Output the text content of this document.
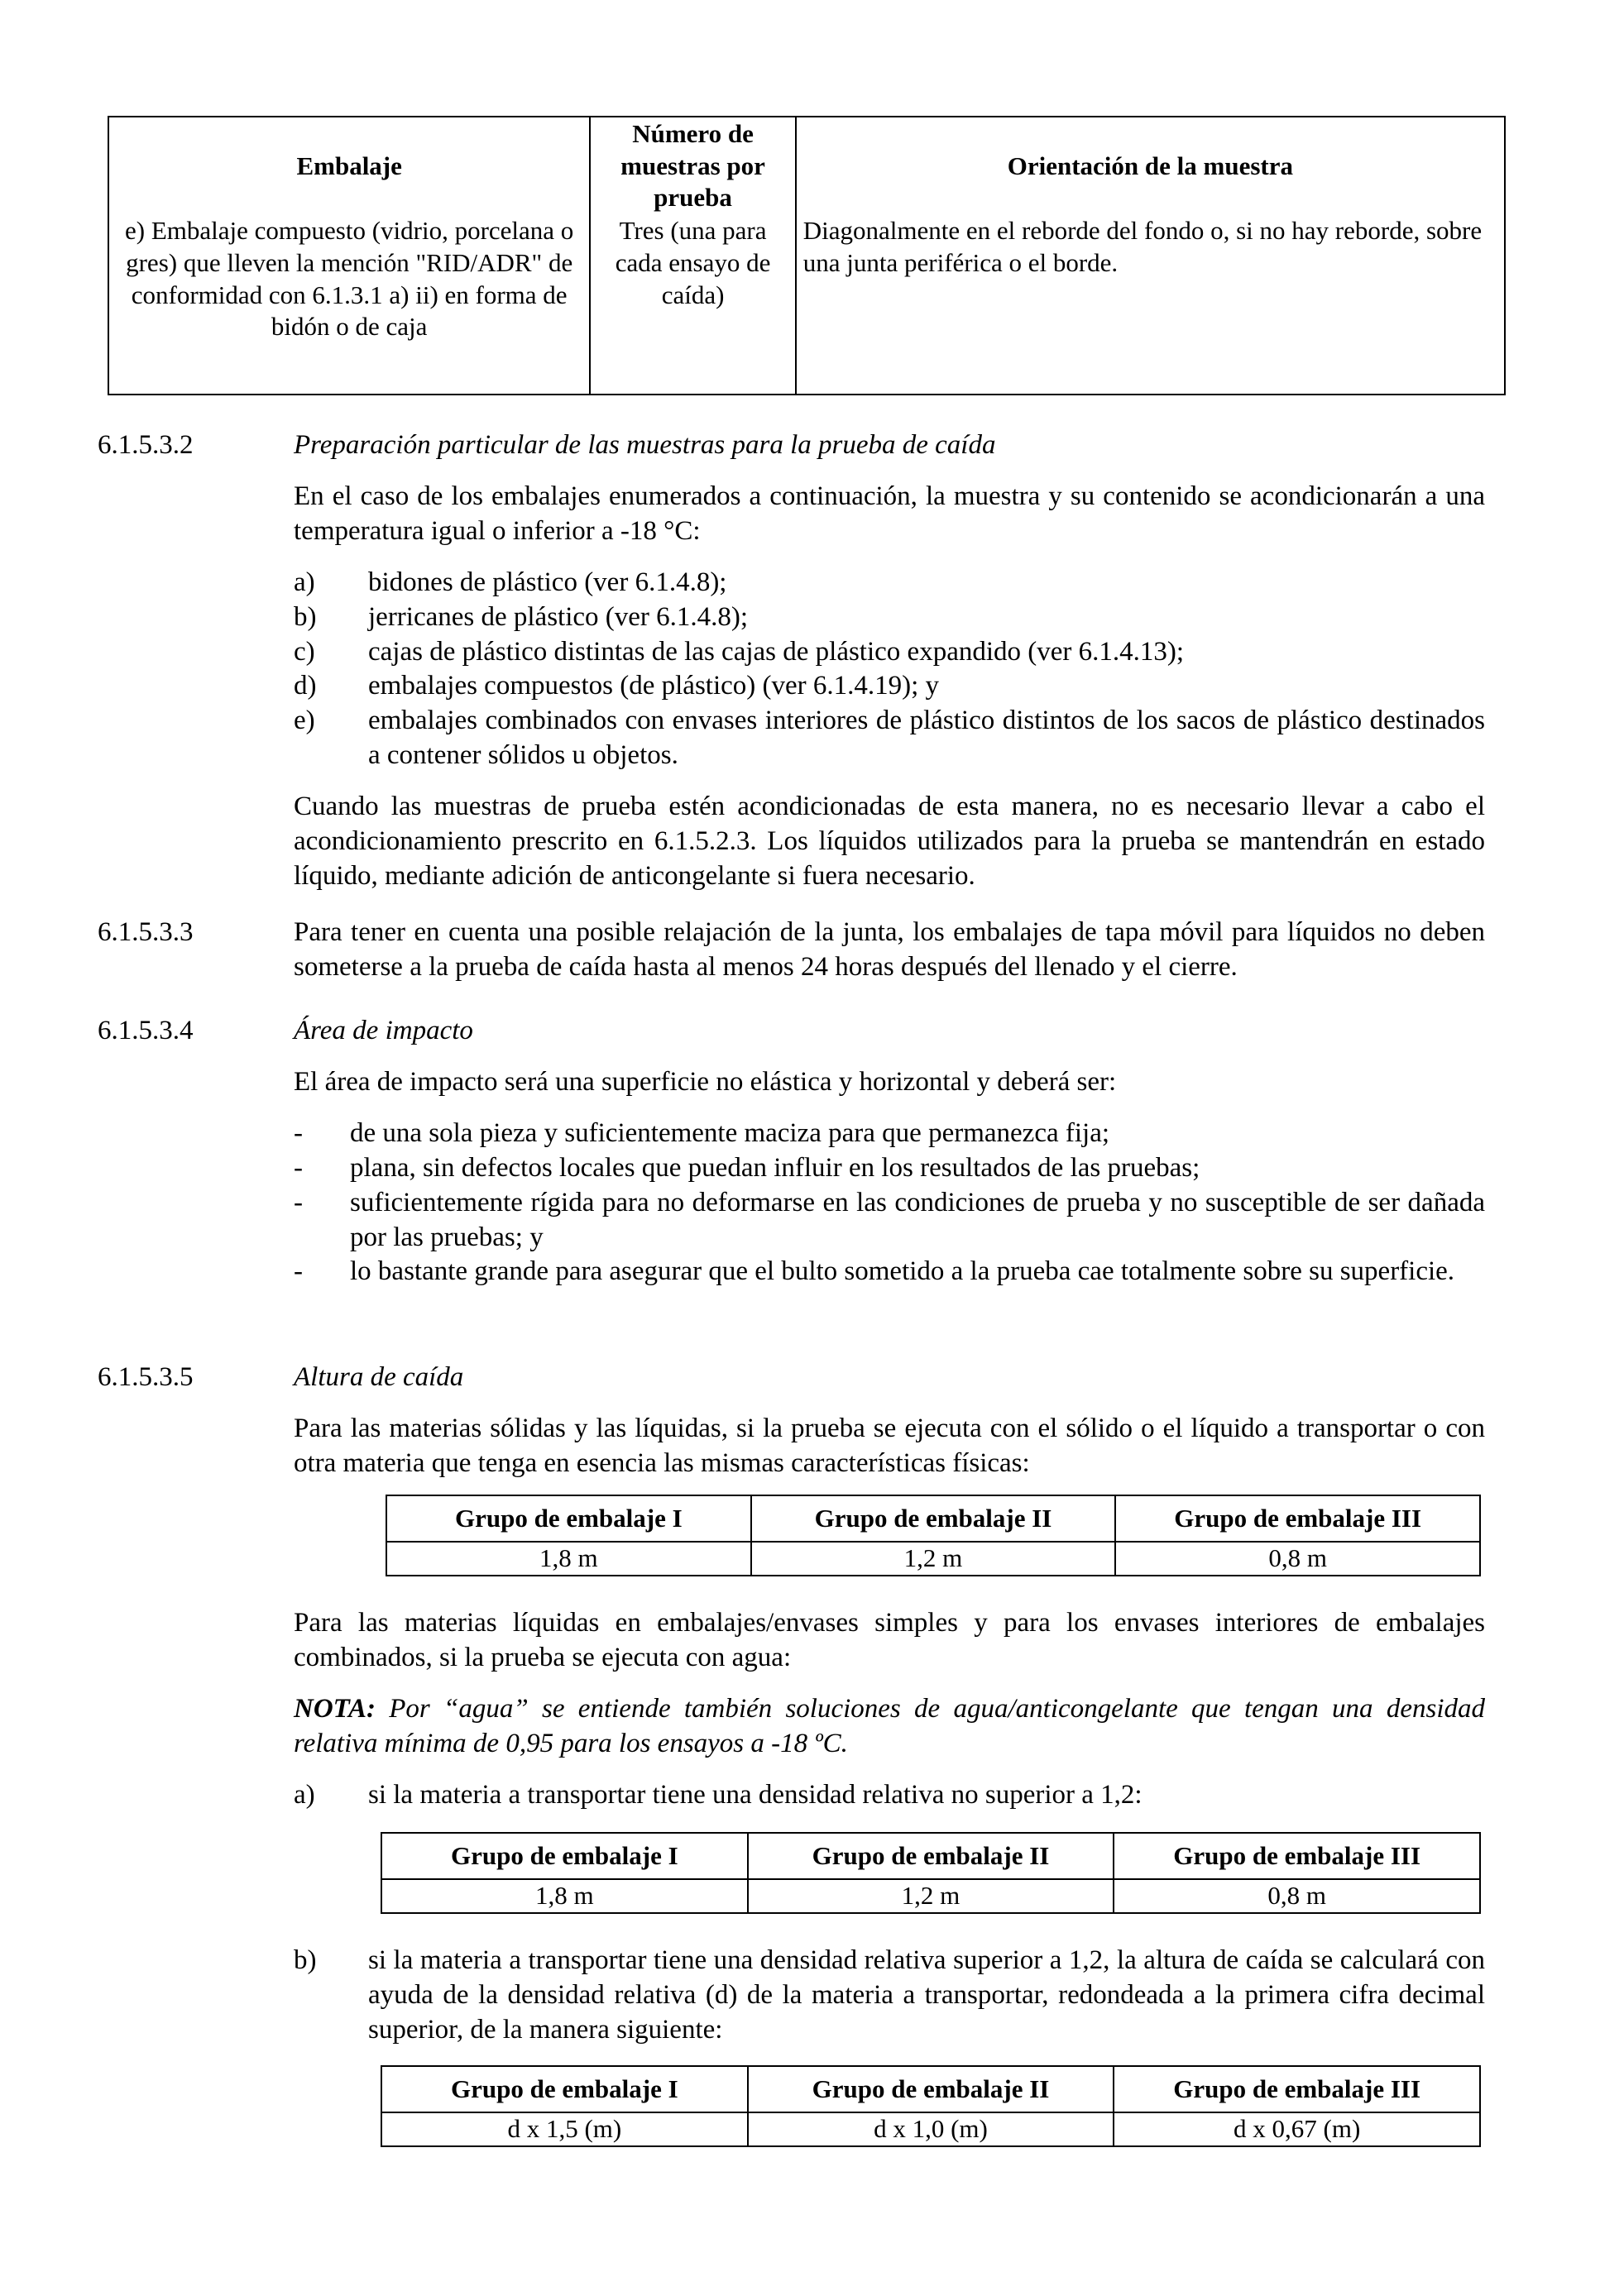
Embalaje	Número de muestras por prueba	Orientación de la muestra
e) Embalaje compuesto (vidrio, porcelana o gres) que lleven la mención "RID/ADR" de conformidad con 6.1.3.1 a) ii) en forma de bidón o de caja	Tres (una para cada ensayo de caída)	Diagonalmente en el reborde del fondo o, si no hay reborde, sobre una junta periférica o el borde.
6.1.5.3.2	Preparación particular de las muestras para la prueba de caída

En el caso de los embalajes enumerados a continuación, la muestra y su contenido se acondicionarán a una temperatura igual o inferior a -18 °C:

a) bidones de plástico (ver 6.1.4.8);
b) jerricanes de plástico (ver 6.1.4.8);
c) cajas de plástico distintas de las cajas de plástico expandido (ver 6.1.4.13);
d) embalajes compuestos (de plástico) (ver 6.1.4.19); y
e) embalajes combinados con envases interiores de plástico distintos de los sacos de plástico destinados a contener sólidos u objetos.

Cuando las muestras de prueba estén acondicionadas de esta manera, no es necesario llevar a cabo el acondicionamiento prescrito en 6.1.5.2.3. Los líquidos utilizados para la prueba se mantendrán en estado líquido, mediante adición de anticongelante si fuera necesario.

6.1.5.3.3	Para tener en cuenta una posible relajación de la junta, los embalajes de tapa móvil para líquidos no deben someterse a la prueba de caída hasta al menos 24 horas después del llenado y el cierre.

6.1.5.3.4	Área de impacto

El área de impacto será una superficie no elástica y horizontal y deberá ser:

- de una sola pieza y suficientemente maciza para que permanezca fija;
- plana, sin defectos locales que puedan influir en los resultados de las pruebas;
- suficientemente rígida para no deformarse en las condiciones de prueba y no susceptible de ser dañada por las pruebas; y
- lo bastante grande para asegurar que el bulto sometido a la prueba cae totalmente sobre su superficie.
6.1.5.3.5	Altura de caída

Para las materias sólidas y las líquidas, si la prueba se ejecuta con el sólido o el líquido a transportar o con otra materia que tenga en esencia las mismas características físicas:

Grupo de embalaje I	Grupo de embalaje II	Grupo de embalaje III
1,8 m	1,2 m	0,8 m

Para las materias líquidas en embalajes/envases simples y para los envases interiores de embalajes combinados, si la prueba se ejecuta con agua:

NOTA: Por “agua” se entiende también soluciones de agua/anticongelante que tengan una densidad relativa mínima de 0,95 para los ensayos a -18 ºC.

a) si la materia a transportar tiene una densidad relativa no superior a 1,2:
Grupo de embalaje I	Grupo de embalaje II	Grupo de embalaje III
1,8 m	1,2 m	0,8 m
b) si la materia a transportar tiene una densidad relativa superior a 1,2, la altura de caída se calculará con ayuda de la densidad relativa (d) de la materia a transportar, redondeada a la primera cifra decimal superior, de la manera siguiente:
Grupo de embalaje I	Grupo de embalaje II	Grupo de embalaje III
d x 1,5 (m)	d x 1,0 (m)	d x 0,67 (m)
